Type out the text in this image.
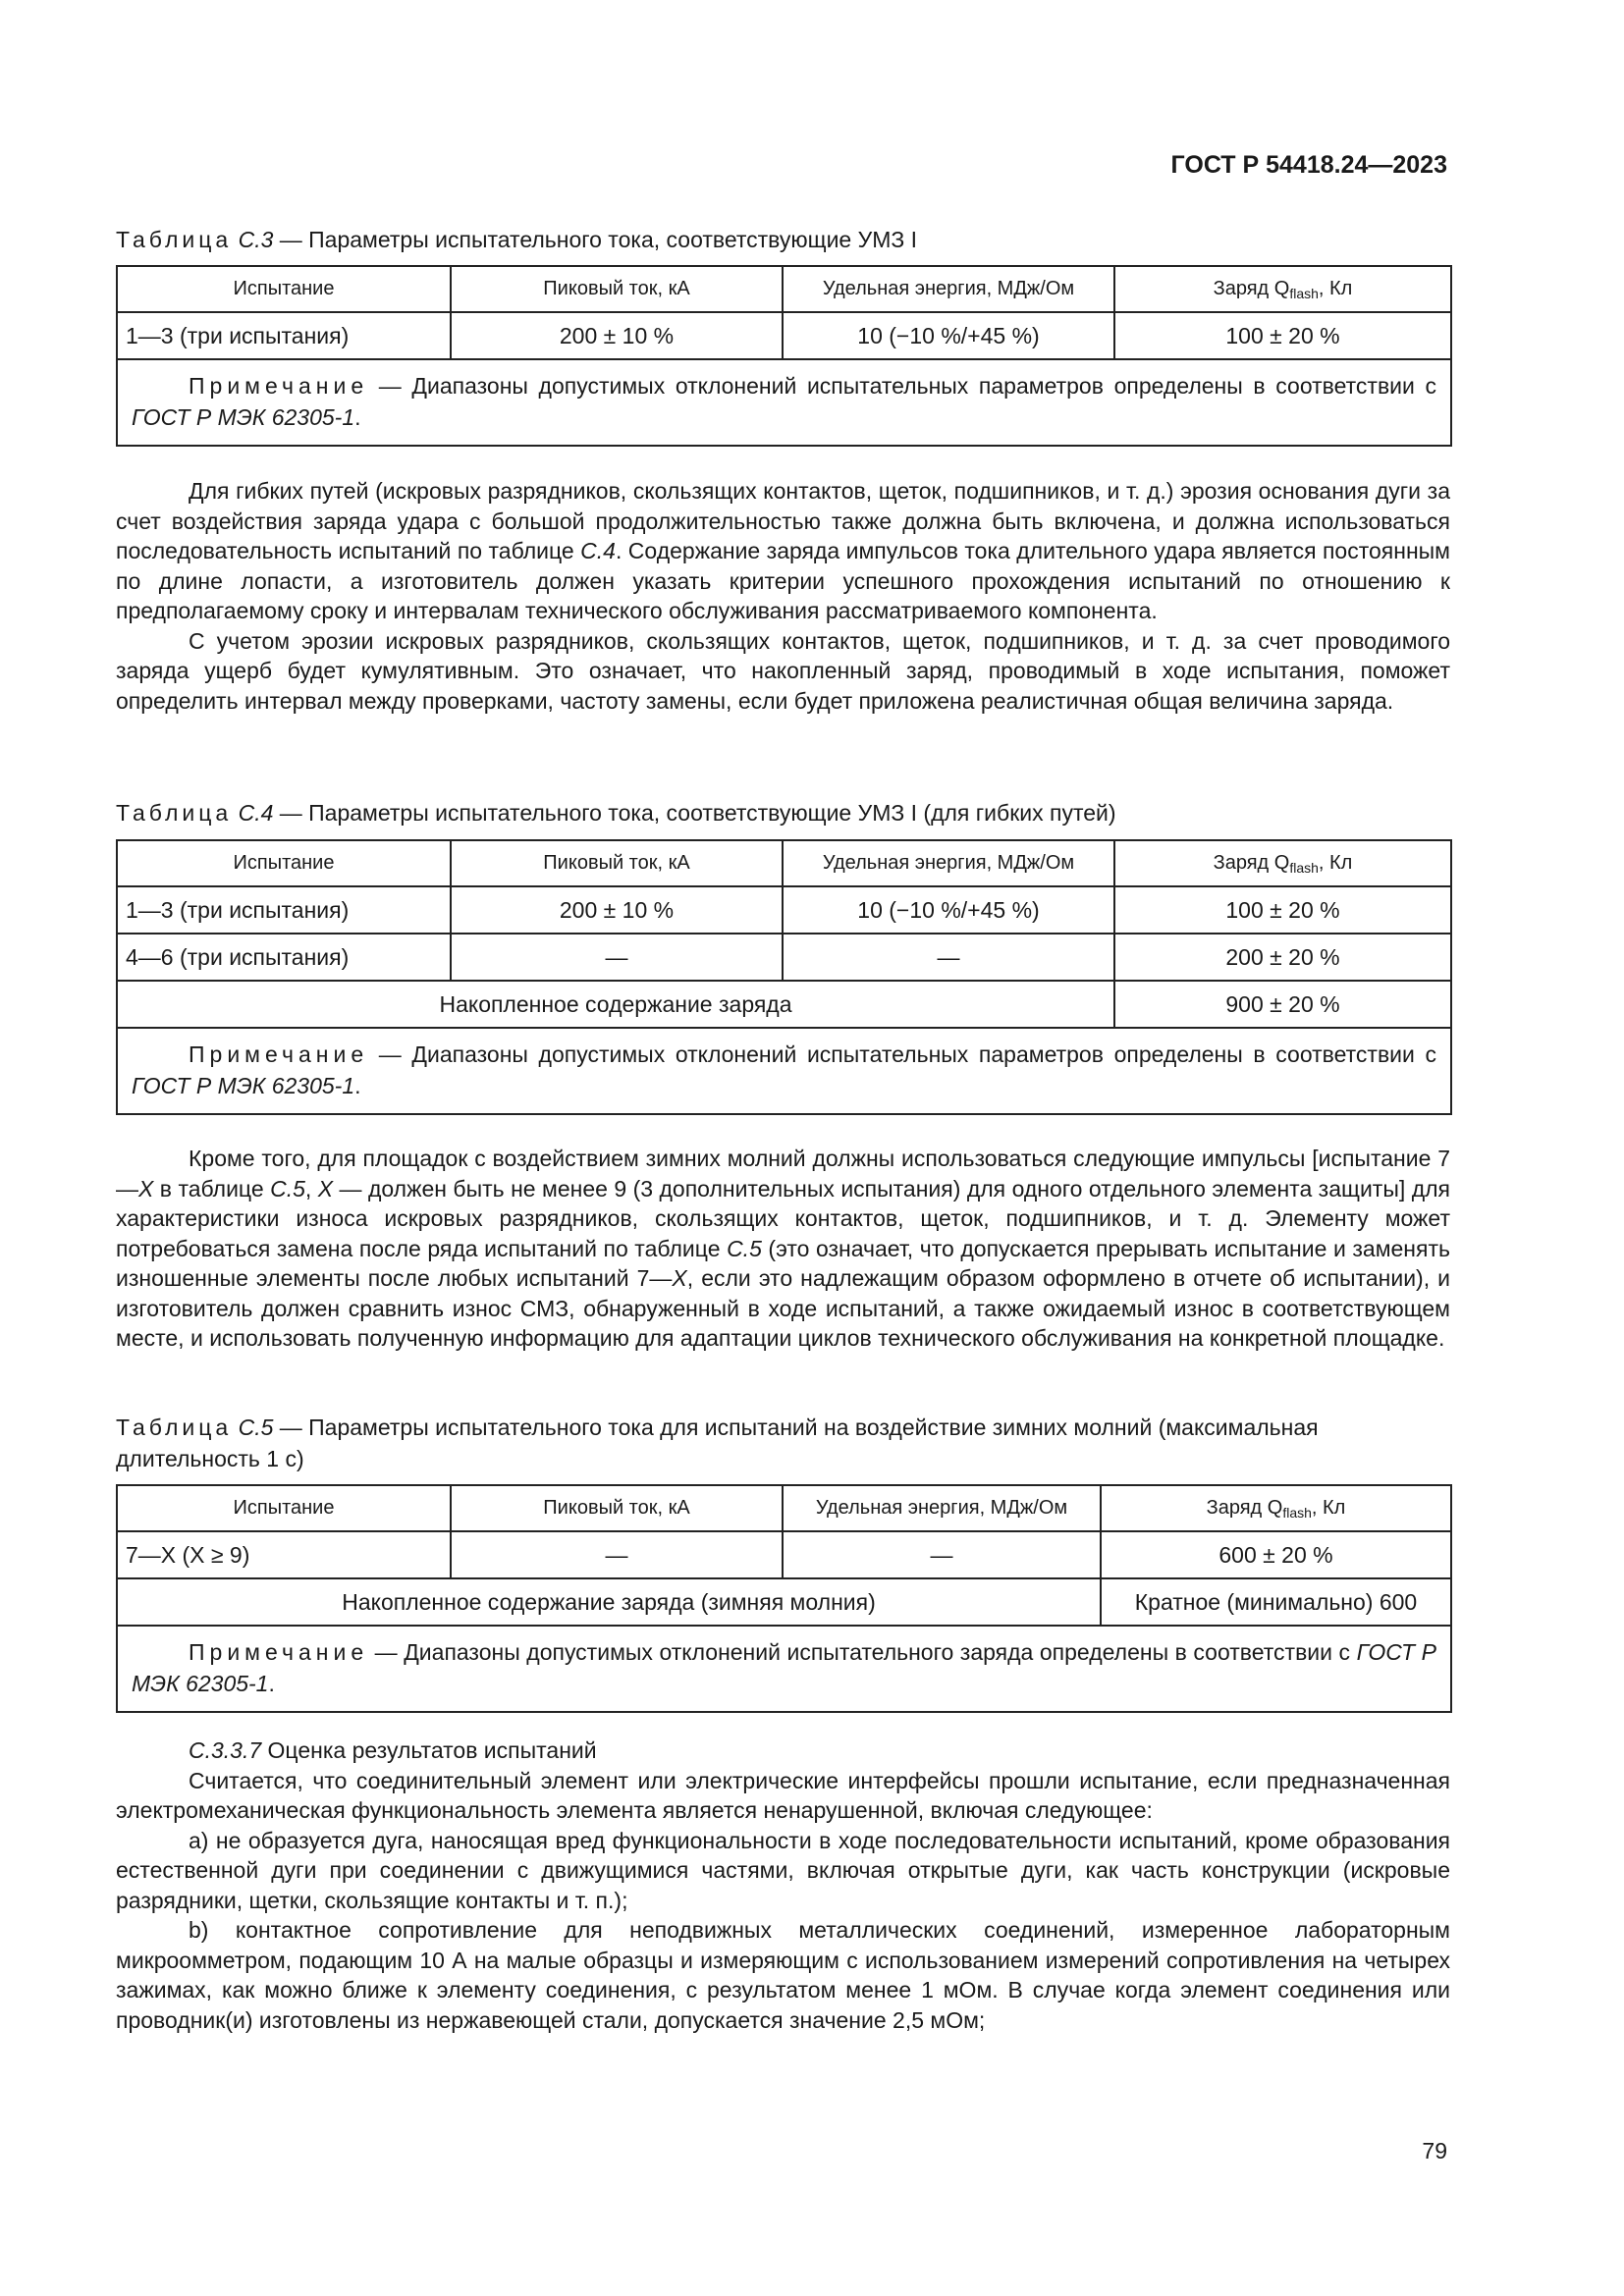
ГОСТ Р 54418.24—2023
Таблица С.3 — Параметры испытательного тока, соответствующие УМЗ I
Испытание	Пиковый ток, кА	Удельная энергия, МДж/Ом	Заряд $Q_{flash}$, Кл
1—3 (три испытания)	200 ± 10 %	10 (−10 %/+45 %)	100 ± 20 %
Примечание — Диапазоны допустимых отклонений испытательных параметров определены в соответствии с ГОСТ Р МЭК 62305-1.			

Для гибких путей (искровых разрядников, скользящих контактов, щеток, подшипников, и т. д.) эрозия основания дуги за счет воздействия заряда удара с большой продолжительностью также должна быть включена, и должна использоваться последовательность испытаний по таблице С.4. Содержание заряда импульсов тока длительного удара является постоянным по длине лопасти, а изготовитель должен указать критерии успешного прохождения испытаний по отношению к предполагаемому сроку и интервалам технического обслуживания рассматриваемого компонента.

С учетом эрозии искровых разрядников, скользящих контактов, щеток, подшипников, и т. д. за счет проводимого заряда ущерб будет кумулятивным. Это означает, что накопленный заряд, проводимый в ходе испытания, поможет определить интервал между проверками, частоту замены, если будет приложена реалистичная общая величина заряда.

Таблица С.4 — Параметры испытательного тока, соответствующие УМЗ I (для гибких путей)
Испытание	Пиковый ток, кА	Удельная энергия, МДж/Ом	Заряд $Q_{flash}$, Кл
1—3 (три испытания)	200 ± 10 %	10 (−10 %/+45 %)	100 ± 20 %
4—6 (три испытания)	—	—	200 ± 20 %
Накопленное содержание заряда			900 ± 20 %
Примечание — Диапазоны допустимых отклонений испытательных параметров определены в соответствии с ГОСТ Р МЭК 62305-1.			

Кроме того, для площадок с воздействием зимних молний должны использоваться следующие импульсы [испытание 7—X в таблице С.5, X — должен быть не менее 9 (3 дополнительных испытания) для одного отдельного элемента защиты] для характеристики износа искровых разрядников, скользящих контактов, щеток, подшипников, и т. д. Элементу может потребоваться замена после ряда испытаний по таблице С.5 (это означает, что допускается прерывать испытание и заменять изношенные элементы после любых испытаний 7—X, если это надлежащим образом оформлено в отчете об испытании), и изготовитель должен сравнить износ СМЗ, обнаруженный в ходе испытаний, а также ожидаемый износ в соответствующем месте, и использовать полученную информацию для адаптации циклов технического обслуживания на конкретной площадке.

Таблица С.5 — Параметры испытательного тока для испытаний на воздействие зимних молний (максимальная длительность 1 с)
Испытание	Пиковый ток, кА	Удельная энергия, МДж/Ом	Заряд $Q_{flash}$, Кл
7—X (X ≥ 9)	—	—	600 ± 20 %
Накопленное содержание заряда (зимняя молния)			Кратное (минимально) 600
Примечание — Диапазоны допустимых отклонений испытательного заряда определены в соответствии с ГОСТ Р МЭК 62305-1.			

С.3.3.7 Оценка результатов испытаний

Считается, что соединительный элемент или электрические интерфейсы прошли испытание, если предназначенная электромеханическая функциональность элемента является ненарушенной, включая следующее:

a) не образуется дуга, наносящая вред функциональности в ходе последовательности испытаний, кроме образования естественной дуги при соединении с движущимися частями, включая открытые дуги, как часть конструкции (искровые разрядники, щетки, скользящие контакты и т. п.);

b) контактное сопротивление для неподвижных металлических соединений, измеренное лабораторным микроомметром, подающим 10 А на малые образцы и измеряющим с использованием измерений сопротивления на четырех зажимах, как можно ближе к элементу соединения, с результатом менее 1 мОм. В случае когда элемент соединения или проводник(и) изготовлены из нержавеющей стали, допускается значение 2,5 мОм;

79
